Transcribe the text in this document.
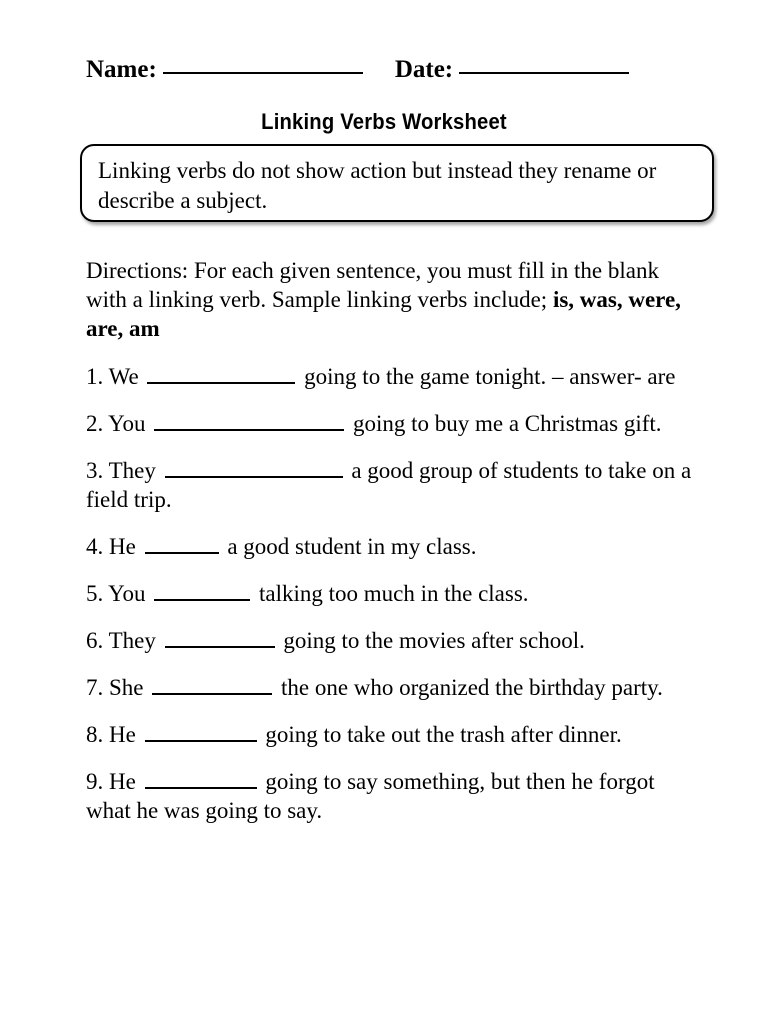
Name:	Date:
Linking Verbs Worksheet
Linking verbs do not show action but instead they rename or describe a subject.
Directions: For each given sentence, you must fill in the blank with a linking verb. Sample linking verbs include; is, was, were, are, am
1. We	going to the game tonight. – answer- are
2. You	going to buy me a Christmas gift.
3. They	a good group of students to take on a field trip.
4. He	a good student in my class.
5. You	talking too much in the class.
6. They	going to the movies after school.
7. She	the one who organized the birthday party.
8. He	going to take out the trash after dinner.
9. He	going to say something, but then he forgot what he was going to say.
